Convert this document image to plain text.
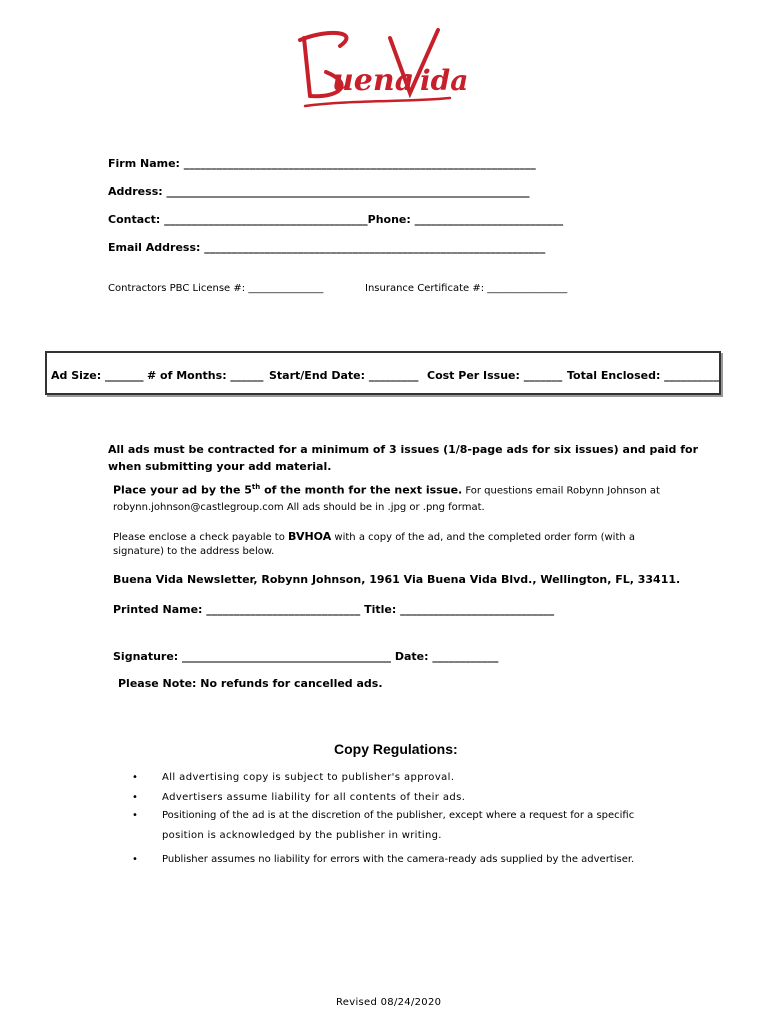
uena ida
Firm Name: ________________________________________________________________
Address: __________________________________________________________________
Contact: _____________________________________Phone: ___________________________
Email Address: ______________________________________________________________
Contractors PBC License #: _______________	Insurance Certificate #: ________________
Ad Size: _______ # of Months: ______ Start/End Date: _________ Cost Per Issue: _______ Total Enclosed: __________
All ads must be contracted for a minimum of 3 issues (1/8-page ads for six issues) and paid for
when submitting your add material.
Place your ad by the 5th of the month for the next issue. For questions email Robynn Johnson at
robynn.johnson@castlegroup.com All ads should be in .jpg or .png format.
Please enclose a check payable to BVHOA with a copy of the ad, and the completed order form (with a
signature) to the address below.
Buena Vida Newsletter, Robynn Johnson, 1961 Via Buena Vida Blvd., Wellington, FL, 33411.
Printed Name: ____________________________ Title: ____________________________
Signature: ______________________________________ Date: ____________
Please Note: No refunds for cancelled ads.
Copy Regulations:
• All advertising copy is subject to publisher's approval.
• Advertisers assume liability for all contents of their ads.
• Positioning of the ad is at the discretion of the publisher, except where a request for a specific
position is acknowledged by the publisher in writing.
• Publisher assumes no liability for errors with the camera-ready ads supplied by the advertiser.
Revised 08/24/2020
